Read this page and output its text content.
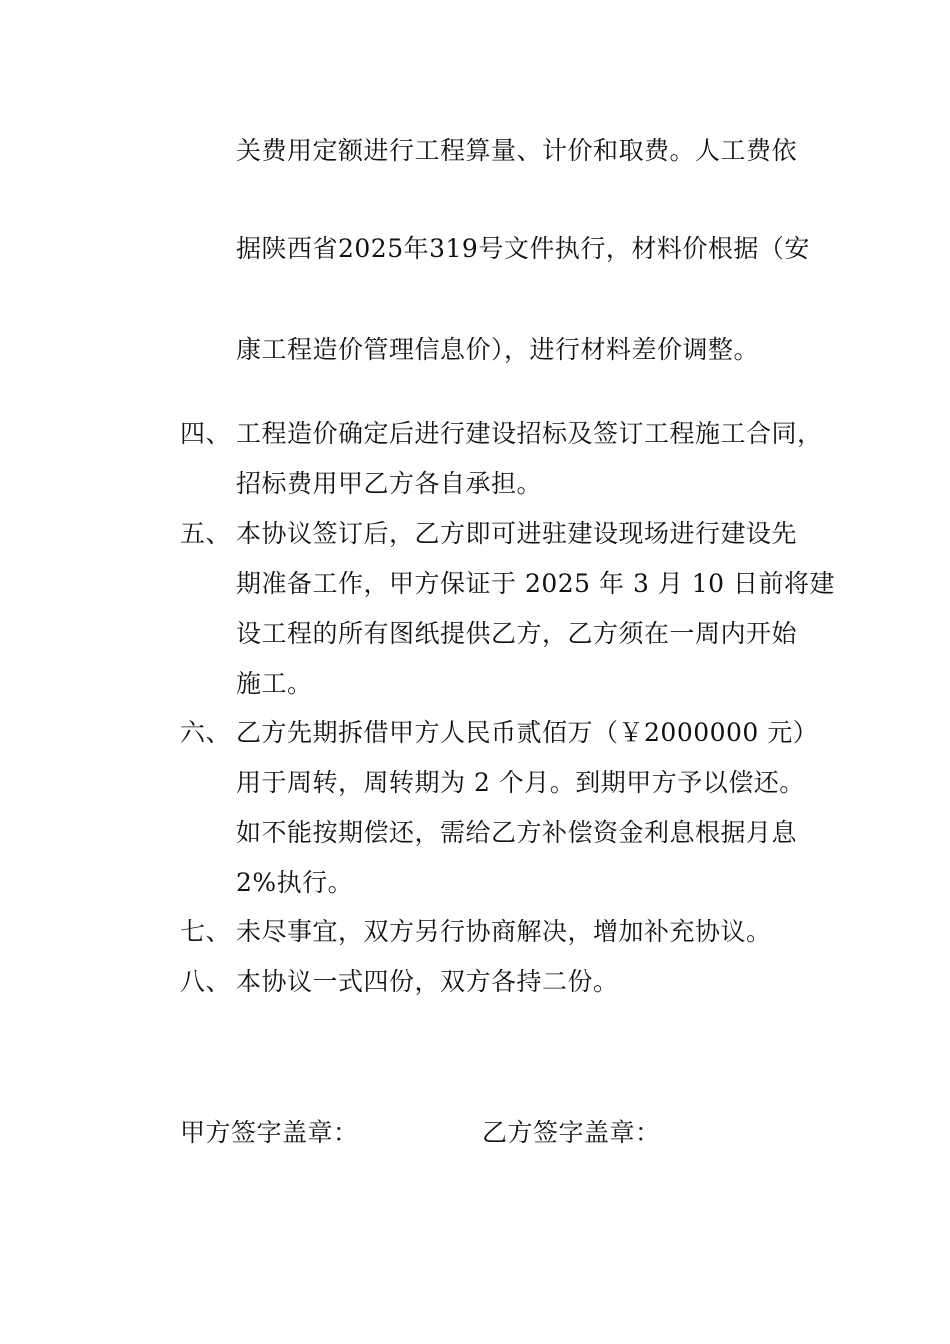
关费用定额进行工程算量、计价和取费。人工费依
据陕西省2025年319号文件执行，材料价根据（安
康工程造价管理信息价），进行材料差价调整。
四、 工程造价确定后进行建设招标及签订工程施工合同，
招标费用甲乙方各自承担。
五、 本协议签订后，乙方即可进驻建设现场进行建设先
期准备工作，甲方保证于 2025 年 3 月 10 日前将建
设工程的所有图纸提供乙方，乙方须在一周内开始
施工。
六、 乙方先期拆借甲方人民币贰佰万（￥2000000 元）
用于周转，周转期为 2 个月。到期甲方予以偿还。
如不能按期偿还，需给乙方补偿资金利息根据月息
2%执行。
七、 未尽事宜，双方另行协商解决，增加补充协议。
八、 本协议一式四份，双方各持二份。
甲方签字盖章：	乙方签字盖章：
